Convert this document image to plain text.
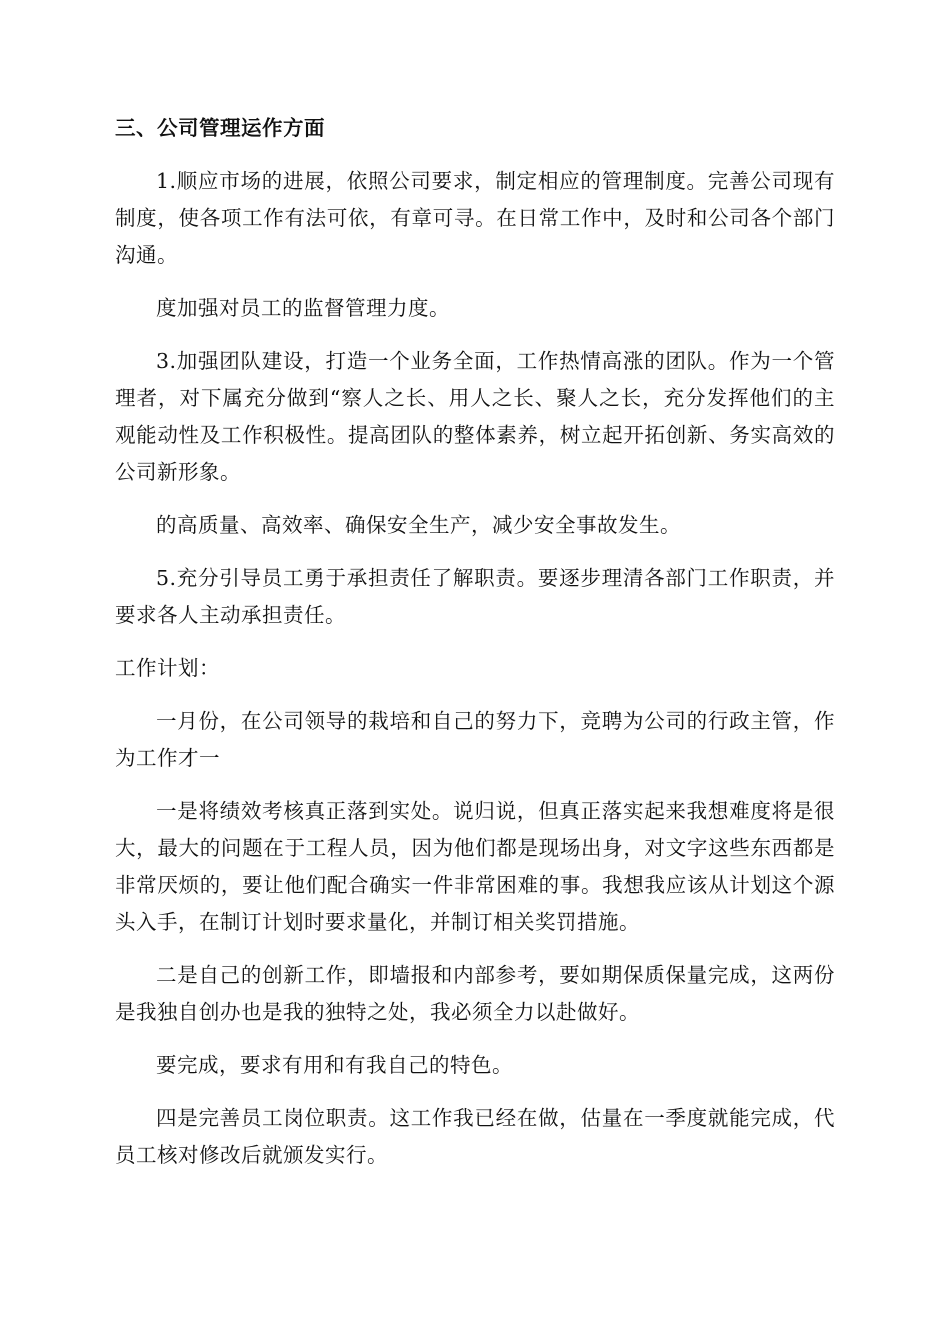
三、公司管理运作方面

1.顺应市场的进展，依照公司要求，制定相应的管理制度。完善公司现有制度，使各项工作有法可依，有章可寻。在日常工作中，及时和公司各个部门沟通。

度加强对员工的监督管理力度。

3.加强团队建设，打造一个业务全面，工作热情高涨的团队。作为一个管理者，对下属充分做到“察人之长、用人之长、聚人之长，充分发挥他们的主观能动性及工作积极性。提高团队的整体素养，树立起开拓创新、务实高效的公司新形象。

的高质量、高效率、确保安全生产，减少安全事故发生。

5.充分引导员工勇于承担责任了解职责。要逐步理清各部门工作职责，并要求各人主动承担责任。

工作计划：

一月份，在公司领导的栽培和自己的努力下，竞聘为公司的行政主管，作为工作才一

一是将绩效考核真正落到实处。说归说，但真正落实起来我想难度将是很大，最大的问题在于工程人员，因为他们都是现场出身，对文字这些东西都是非常厌烦的，要让他们配合确实一件非常困难的事。我想我应该从计划这个源头入手，在制订计划时要求量化，并制订相关奖罚措施。

二是自己的创新工作，即墙报和内部参考，要如期保质保量完成，这两份是我独自创办也是我的独特之处，我必须全力以赴做好。

要完成，要求有用和有我自己的特色。

四是完善员工岗位职责。这工作我已经在做，估量在一季度就能完成，代员工核对修改后就颁发实行。
